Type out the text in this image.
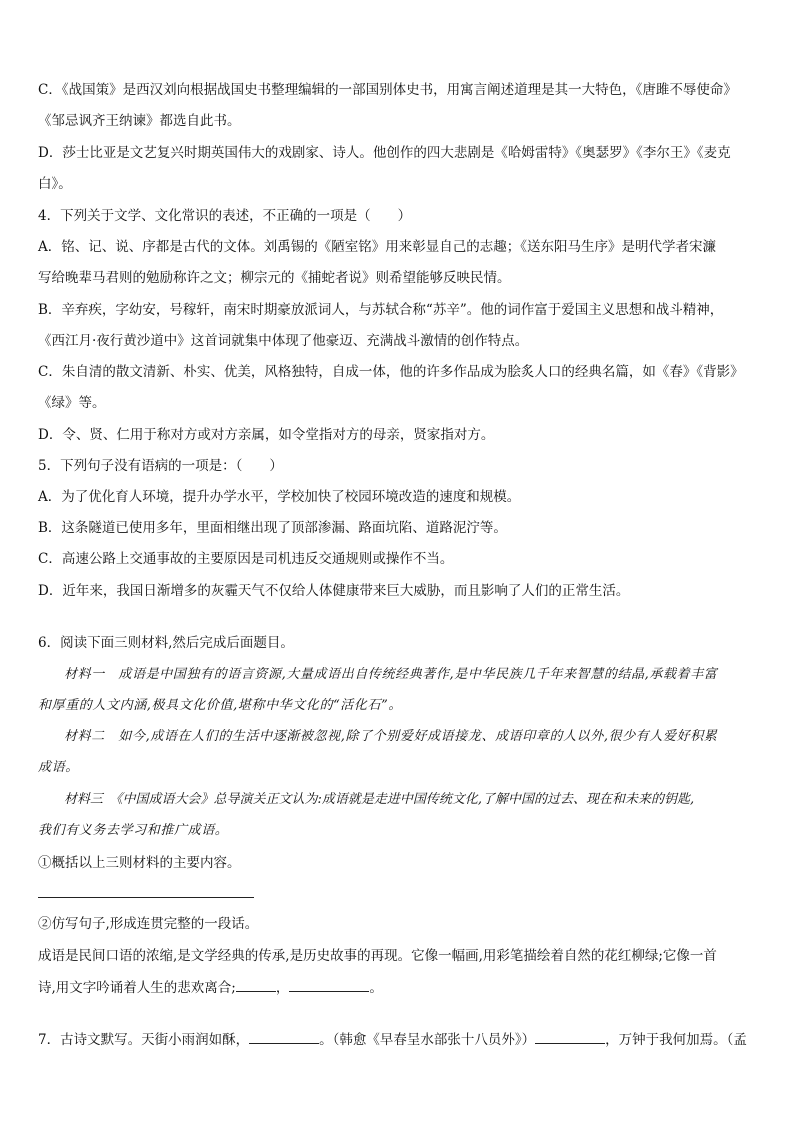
C．《战国策》是西汉刘向根据战国史书整理编辑的一部国别体史书，用寓言阐述道理是其一大特色，《唐雎不辱使命》
《邹忌讽齐王纳谏》都选自此书。
D．莎士比亚是文艺复兴时期英国伟大的戏剧家、诗人。他创作的四大悲剧是《哈姆雷特》《奥瑟罗》《李尔王》《麦克
白》。
4．下列关于文学、文化常识的表述，不正确的一项是（　　）
A．铭、记、说、序都是古代的文体。刘禹锡的《陋室铭》用来彰显自己的志趣；《送东阳马生序》是明代学者宋濂
写给晚辈马君则的勉励称许之文；柳宗元的《捕蛇者说》则希望能够反映民情。
B．辛弃疾，字幼安，号稼轩，南宋时期豪放派词人，与苏轼合称“苏辛”。他的词作富于爱国主义思想和战斗精神，
《西江月·夜行黄沙道中》这首词就集中体现了他豪迈、充满战斗激情的创作特点。
C．朱自清的散文清新、朴实、优美，风格独特，自成一体，他的许多作品成为脍炙人口的经典名篇，如《春》《背影》
《绿》等。
D．令、贤、仁用于称对方或对方亲属，如令堂指对方的母亲，贤家指对方。
5．下列句子没有语病的一项是：（　　）
A．为了优化育人环境，提升办学水平，学校加快了校园环境改造的速度和规模。
B．这条隧道已使用多年，里面相继出现了顶部渗漏、路面坑陷、道路泥泞等。
C．高速公路上交通事故的主要原因是司机违反交通规则或操作不当。
D．近年来，我国日渐增多的灰霾天气不仅给人体健康带来巨大威胁，而且影响了人们的正常生活。
6．阅读下面三则材料,然后完成后面题目。
材料一　成语是中国独有的语言资源,大量成语出自传统经典著作,是中华民族几千年来智慧的结晶,承载着丰富
和厚重的人文内涵,极具文化价值,堪称中华文化的“活化石”。
材料二　如今,成语在人们的生活中逐渐被忽视,除了个别爱好成语接龙、成语印章的人以外,很少有人爱好积累
成语。
材料三　《中国成语大会》总导演关正文认为:成语就是走进中国传统文化,了解中国的过去、现在和未来的钥匙,
我们有义务去学习和推广成语。
①概括以上三则材料的主要内容。
②仿写句子,形成连贯完整的一段话。
成语是民间口语的浓缩,是文学经典的传承,是历史故事的再现。它像一幅画,用彩笔描绘着自然的花红柳绿;它像一首
诗,用文字吟诵着人生的悲欢离合;	，	。
7．古诗文默写。天街小雨润如酥，	。（韩愈《早春呈水部张十八员外》）	，万钟于我何加焉。（孟
